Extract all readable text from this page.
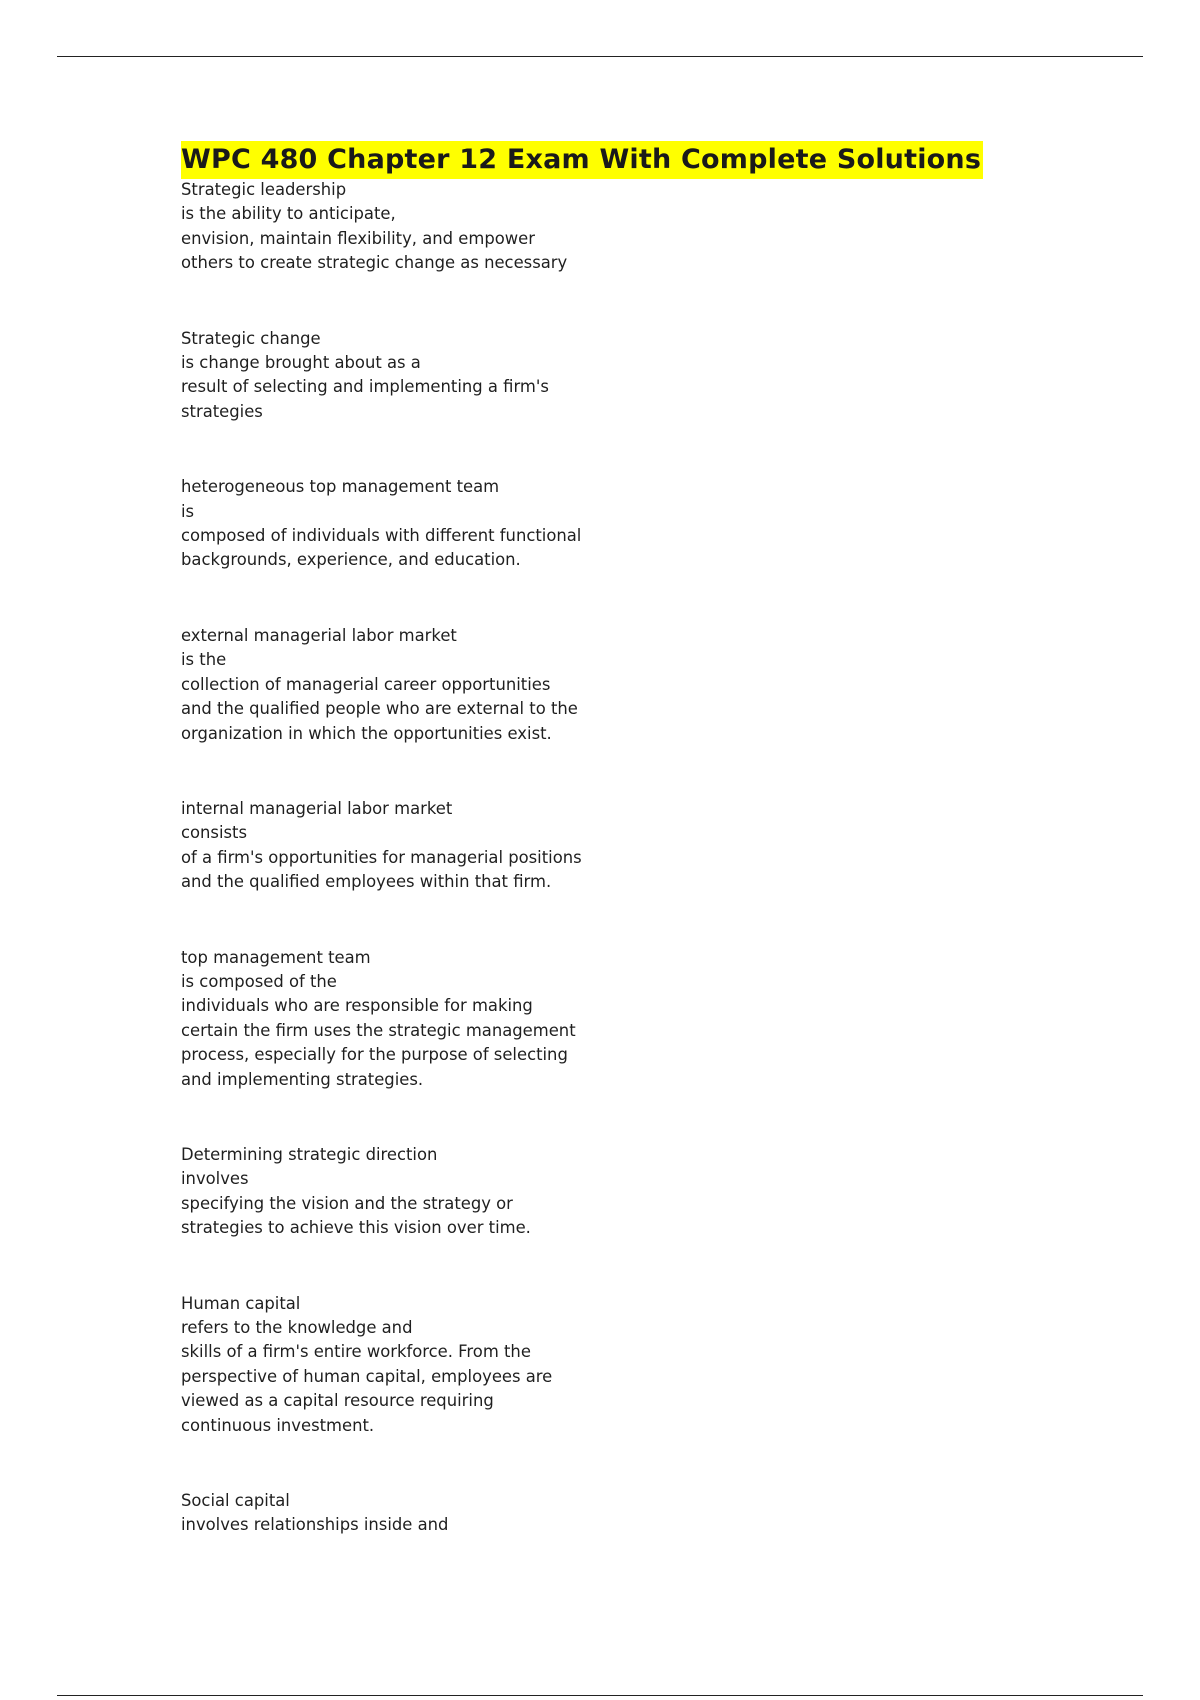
WPC 480 Chapter 12 Exam With Complete Solutions
Strategic leadership
is the ability to anticipate,
envision, maintain flexibility, and empower
others to create strategic change as necessary
Strategic change
is change brought about as a
result of selecting and implementing a firm's
strategies
heterogeneous top management team
is
composed of individuals with different functional
backgrounds, experience, and education.
external managerial labor market
is the
collection of managerial career opportunities
and the qualified people who are external to the
organization in which the opportunities exist.
internal managerial labor market
consists
of a firm's opportunities for managerial positions
and the qualified employees within that firm.
top management team
is composed of the
individuals who are responsible for making
certain the firm uses the strategic management
process, especially for the purpose of selecting
and implementing strategies.
Determining strategic direction
involves
specifying the vision and the strategy or
strategies to achieve this vision over time.
Human capital
refers to the knowledge and
skills of a firm's entire workforce. From the
perspective of human capital, employees are
viewed as a capital resource requiring
continuous investment.
Social capital
involves relationships inside and
